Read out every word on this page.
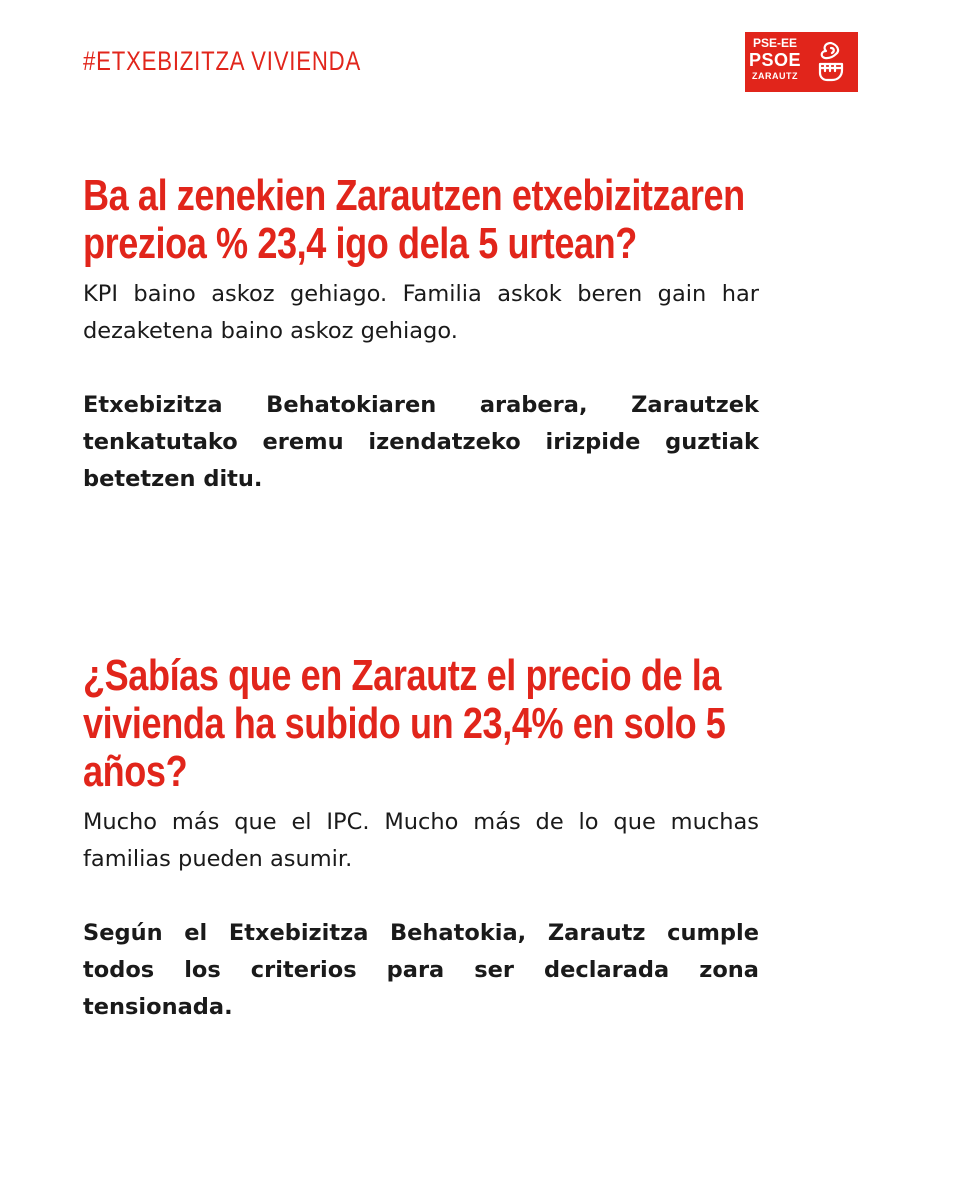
#ETXEBIZITZA VIVIENDA
PSE-EE
PSOE
ZARAUTZ
Ba al zenekien Zarautzen etxebizitzaren prezioa % 23,4 igo dela 5 urtean?

KPI baino askoz gehiago. Familia askok beren gain har dezaketena baino askoz gehiago.

Etxebizitza Behatokiaren arabera, Zarautzek tenkatutako eremu izendatzeko irizpide guztiak betetzen ditu.

¿Sabías que en Zarautz el precio de la vivienda ha subido un 23,4% en solo 5 años?

Mucho más que el IPC. Mucho más de lo que muchas familias pueden asumir.

Según el Etxebizitza Behatokia, Zarautz cumple todos los criterios para ser declarada zona tensionada.
